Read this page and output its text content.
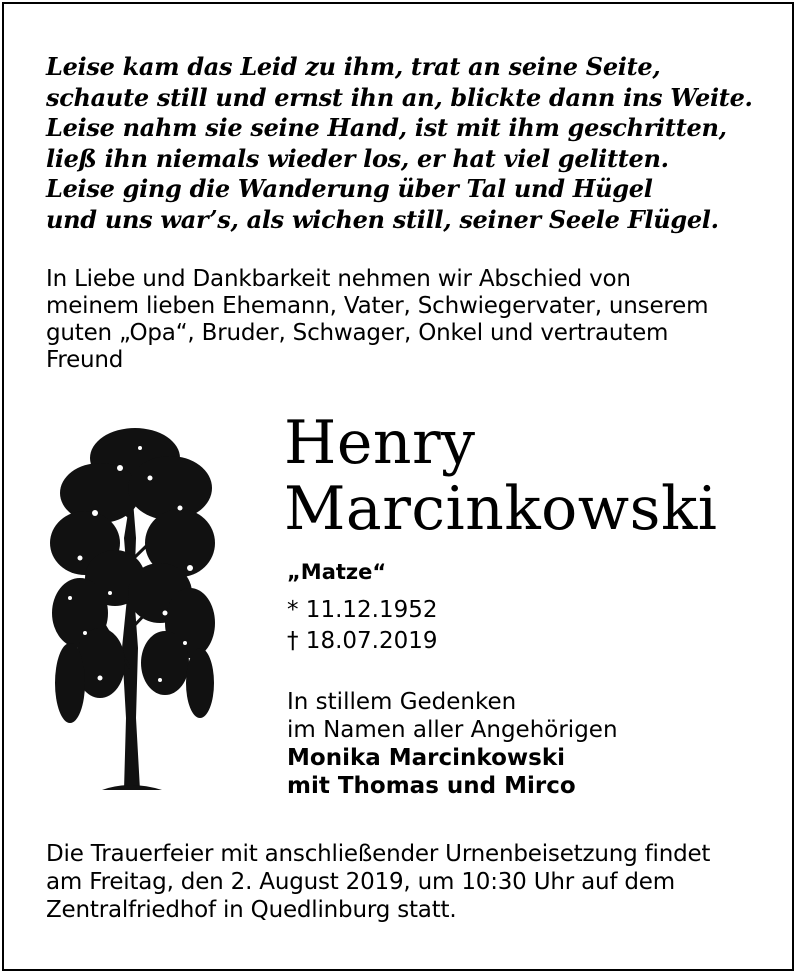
Leise kam das Leid zu ihm, trat an seine Seite,
schaute still und ernst ihn an, blickte dann ins Weite.
Leise nahm sie seine Hand, ist mit ihm geschritten,
ließ ihn niemals wieder los, er hat viel gelitten.
Leise ging die Wanderung über Tal und Hügel
und uns war’s, als wichen still, seiner Seele Flügel.
In Liebe und Dankbarkeit nehmen wir Abschied von
meinem lieben Ehemann, Vater, Schwiegervater, unserem
guten „Opa“, Bruder, Schwager, Onkel und vertrautem
Freund
Henry
Marcinkowski
„Matze“
* 11.12.1952
† 18.07.2019
In stillem Gedenken
im Namen aller Angehörigen
Monika Marcinkowski
mit Thomas und Mirco
Die Trauerfeier mit anschließender Urnenbeisetzung findet
am Freitag, den 2. August 2019, um 10:30 Uhr auf dem
Zentralfriedhof in Quedlinburg statt.
